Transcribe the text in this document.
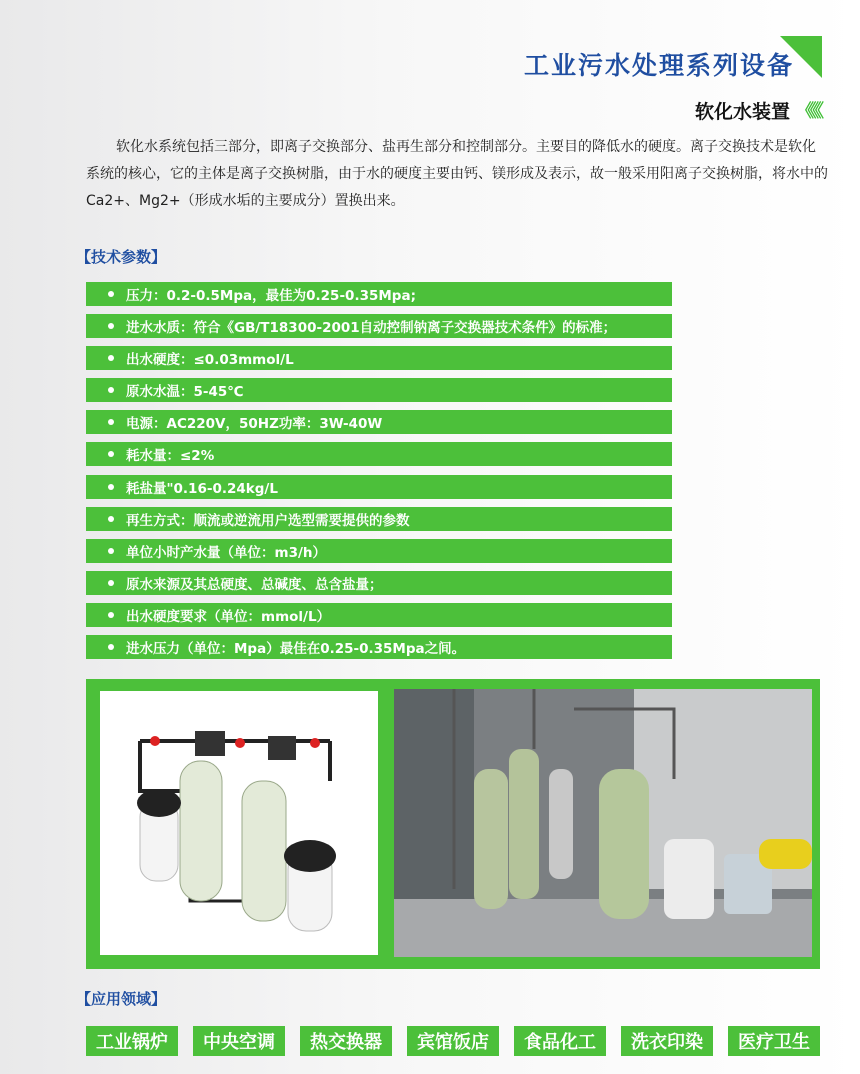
工业污水处理系列设备
软化水装置 《《《

软化水系统包括三部分，即离子交换部分、盐再生部分和控制部分。主要目的降低水的硬度。离子交换技术是软化系统的核心，它的主体是离子交换树脂，由于水的硬度主要由钙、镁形成及表示，故一般采用阳离子交换树脂，将水中的Ca2+、Mg2+（形成水垢的主要成分）置换出来。

【技术参数】
压力：0.2-0.5Mpa，最佳为0.25-0.35Mpa;
进水水质：符合《GB/T18300-2001自动控制钠离子交换器技术条件》的标准；
出水硬度：≤0.03mmol/L
原水水温：5-45℃
电源：AC220V，50HZ功率：3W-40W
耗水量：≤2%
耗盐量"0.16-0.24kg/L
再生方式：顺流或逆流用户选型需要提供的参数
单位小时产水量（单位：m3/h）
原水来源及其总硬度、总碱度、总含盐量；
出水硬度要求（单位：mmol/L）
进水压力（单位：Mpa）最佳在0.25-0.35Mpa之间。
【应用领域】
工业锅炉	中央空调	热交换器	宾馆饭店	食品化工	洗衣印染	医疗卫生
